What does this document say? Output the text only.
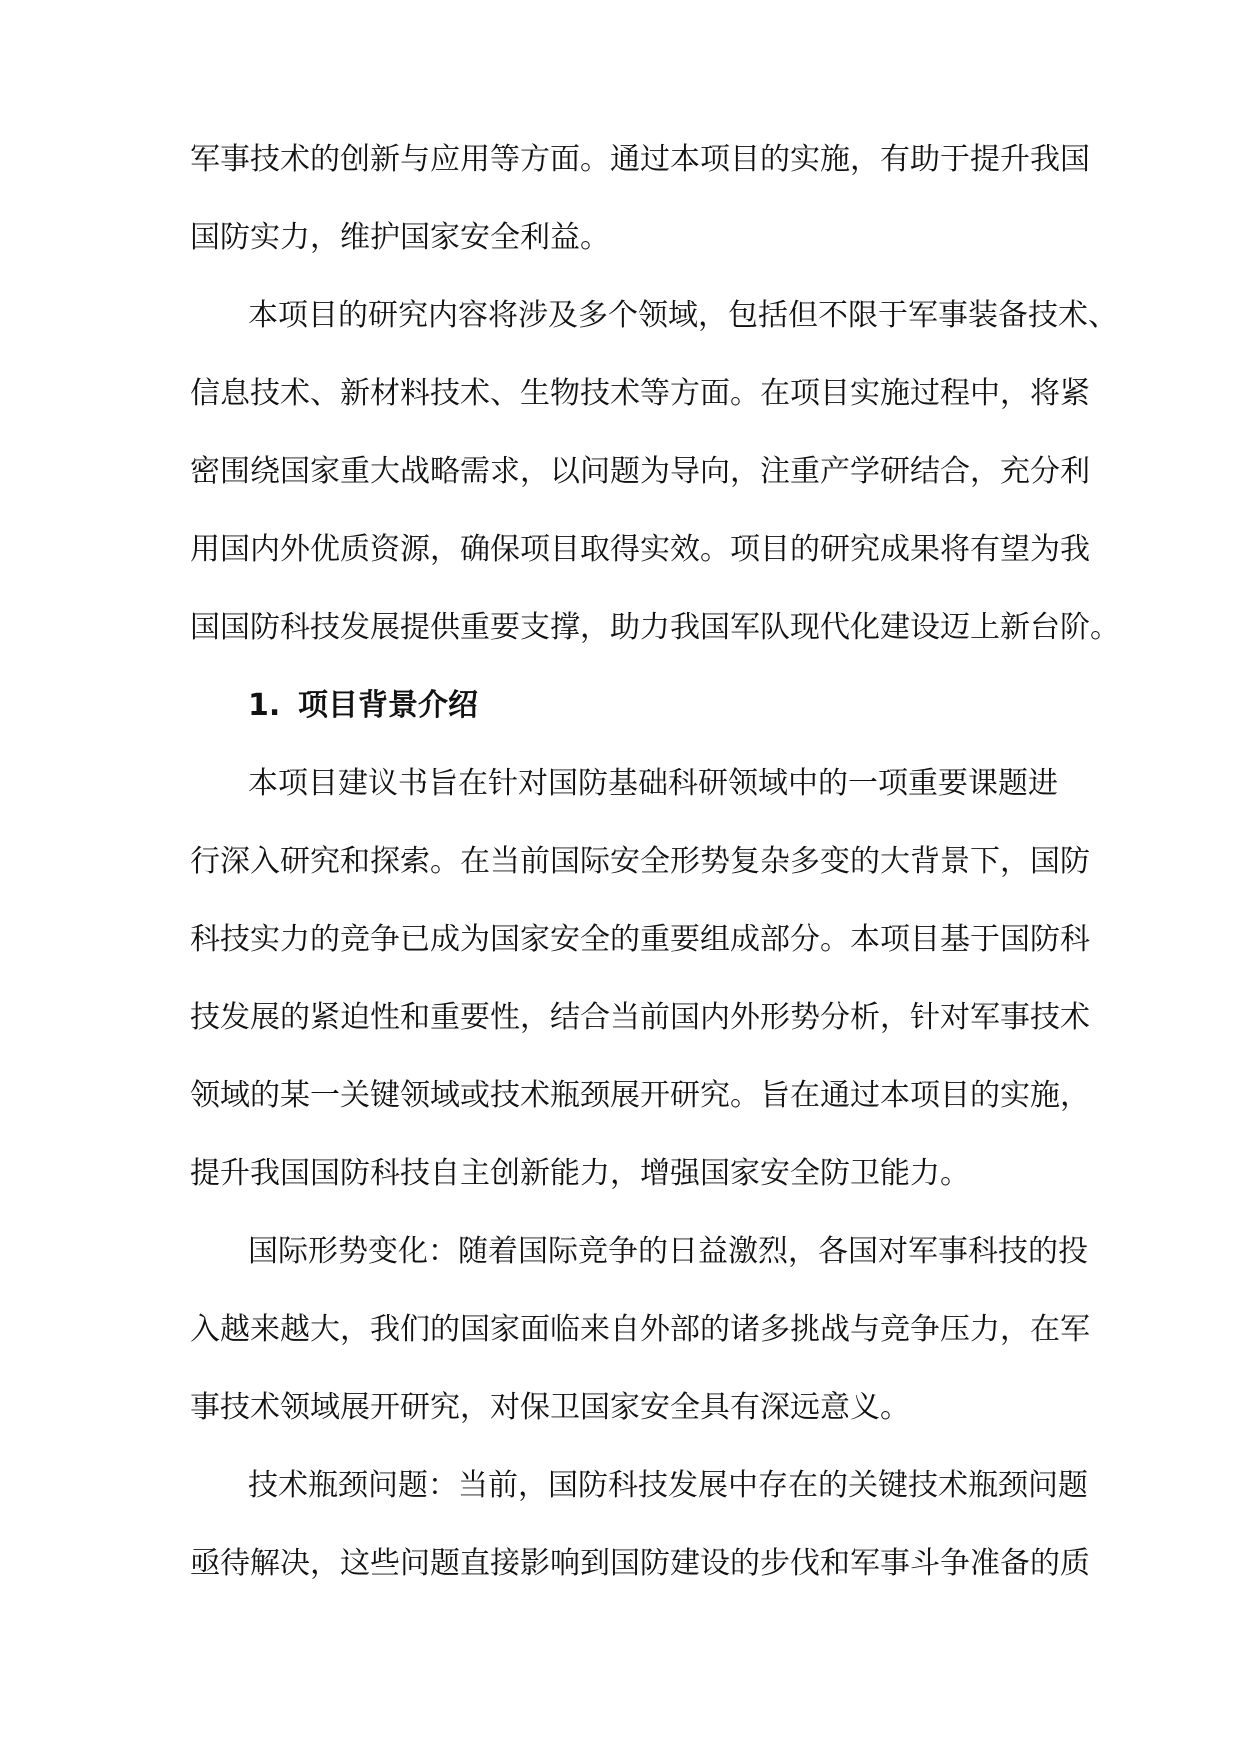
军事技术的创新与应用等方面。通过本项目的实施，有助于提升我国
国防实力，维护国家安全利益。
本项目的研究内容将涉及多个领域，包括但不限于军事装备技术、
信息技术、新材料技术、生物技术等方面。在项目实施过程中，将紧
密围绕国家重大战略需求，以问题为导向，注重产学研结合，充分利
用国内外优质资源，确保项目取得实效。项目的研究成果将有望为我
国国防科技发展提供重要支撑，助力我国军队现代化建设迈上新台阶。
1. 项目背景介绍
本项目建议书旨在针对国防基础科研领域中的一项重要课题进
行深入研究和探索。在当前国际安全形势复杂多变的大背景下，国防
科技实力的竞争已成为国家安全的重要组成部分。本项目基于国防科
技发展的紧迫性和重要性，结合当前国内外形势分析，针对军事技术
领域的某一关键领域或技术瓶颈展开研究。旨在通过本项目的实施，
提升我国国防科技自主创新能力，增强国家安全防卫能力。
国际形势变化：随着国际竞争的日益激烈，各国对军事科技的投
入越来越大，我们的国家面临来自外部的诸多挑战与竞争压力，在军
事技术领域展开研究，对保卫国家安全具有深远意义。
技术瓶颈问题：当前，国防科技发展中存在的关键技术瓶颈问题
亟待解决，这些问题直接影响到国防建设的步伐和军事斗争准备的质
